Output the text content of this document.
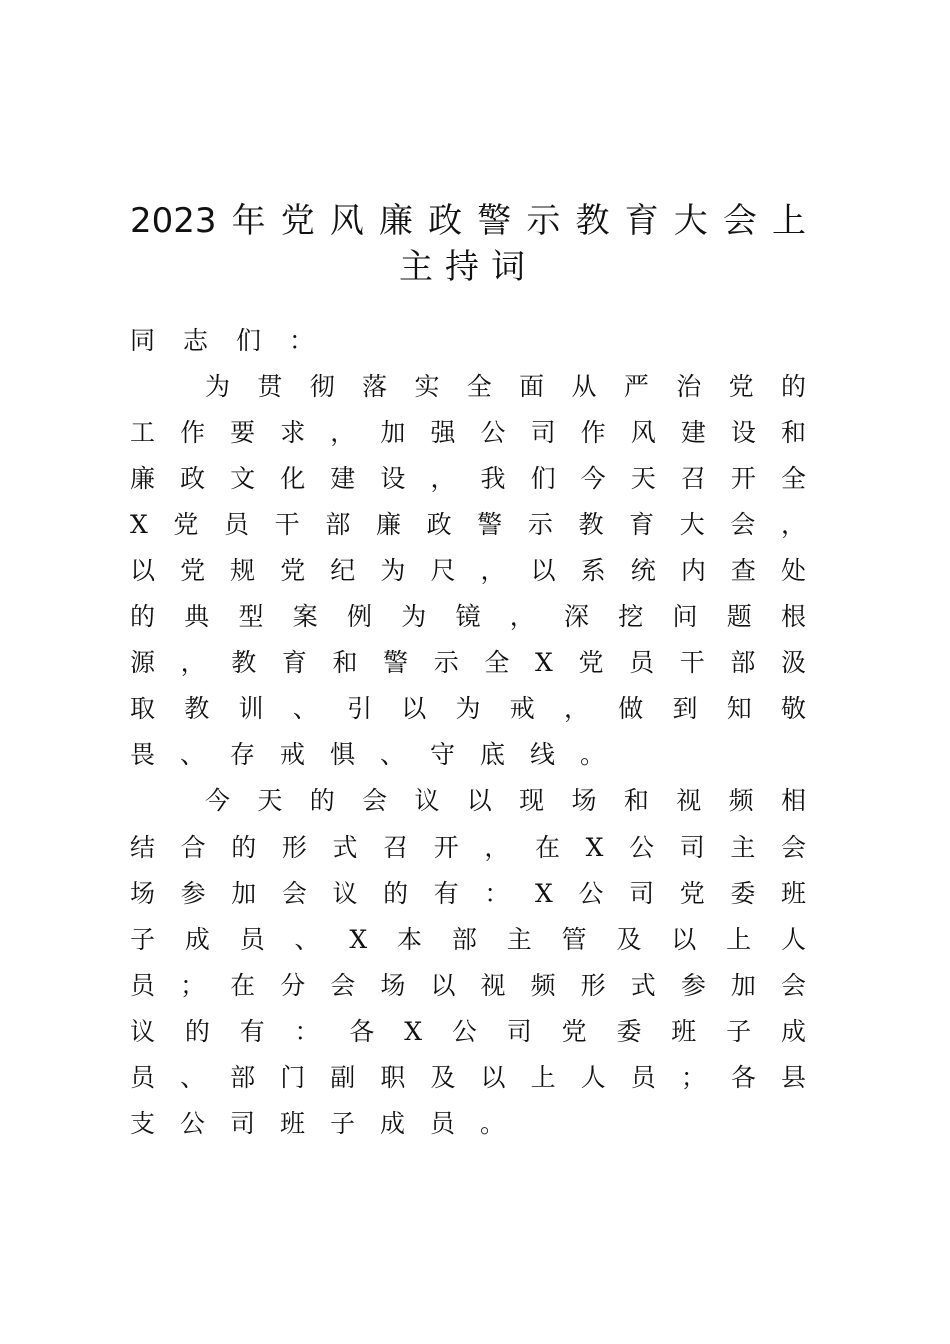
2023年党风廉政警示教育大会上
主持词
同志们：
为贯彻落实全面从严治党的
工作要求，加强公司作风建设和
廉政文化建设，我们今天召开全
X党员干部廉政警示教育大会，
以党规党纪为尺，以系统内查处
的典型案例为镜，深挖问题根
源，教育和警示全X党员干部汲
取教训、引以为戒，做到知敬
畏、存戒惧、守底线。
今天的会议以现场和视频相
结合的形式召开，在X公司主会
场参加会议的有：X公司党委班
子成员、X本部主管及以上人
员；在分会场以视频形式参加会
议的有：各X公司党委班子成
员、部门副职及以上人员；各县
支公司班子成员。
